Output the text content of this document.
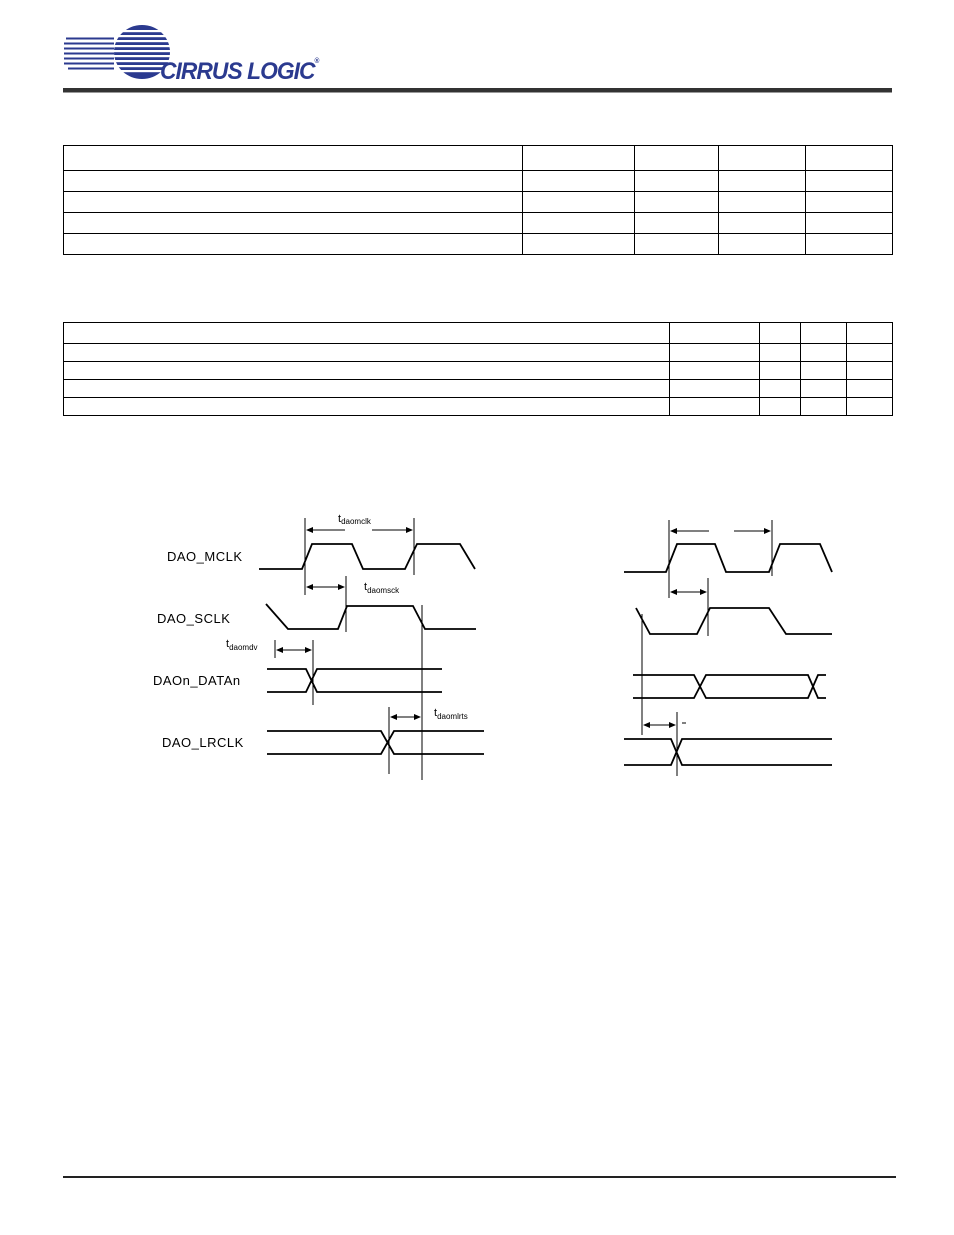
CIRRUS LOGIC®

DAO_MCLK
DAO_SCLK
DAOn_DATAn
DAO_LRCLK
tdaomclk
tdaomsck
tdaomdv
tdaomlrts
